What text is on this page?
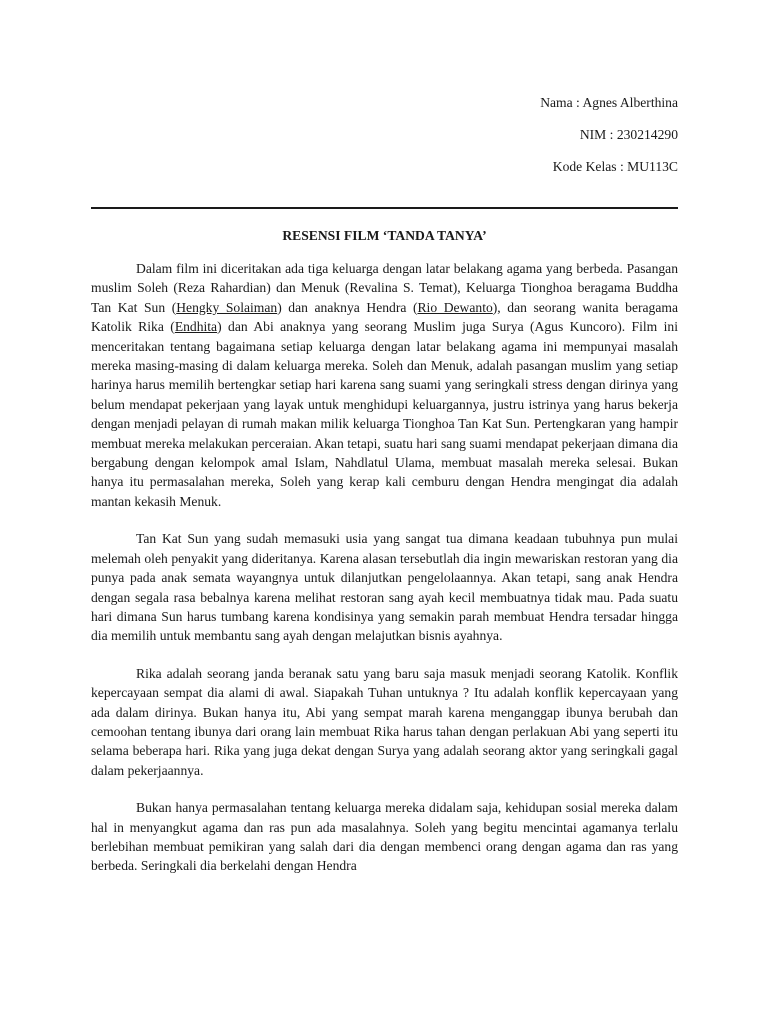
Nama : Agnes Alberthina
NIM : 230214290
Kode Kelas : MU113C
RESENSI FILM ‘TANDA TANYA’

Dalam film ini diceritakan ada tiga keluarga dengan latar belakang agama yang berbeda. Pasangan muslim Soleh (Reza Rahardian) dan Menuk (Revalina S. Temat), Keluarga Tionghoa beragama Buddha Tan Kat Sun (Hengky Solaiman) dan anaknya Hendra (Rio Dewanto), dan seorang wanita beragama Katolik Rika (Endhita) dan Abi anaknya yang seorang Muslim juga Surya (Agus Kuncoro). Film ini menceritakan tentang bagaimana setiap keluarga dengan latar belakang agama ini mempunyai masalah mereka masing-masing di dalam keluarga mereka. Soleh dan Menuk, adalah pasangan muslim yang setiap harinya harus memilih bertengkar setiap hari karena sang suami yang seringkali stress dengan dirinya yang belum mendapat pekerjaan yang layak untuk menghidupi keluargannya, justru istrinya yang harus bekerja dengan menjadi pelayan di rumah makan milik keluarga Tionghoa Tan Kat Sun. Pertengkaran yang hampir membuat mereka melakukan perceraian. Akan tetapi, suatu hari sang suami mendapat pekerjaan dimana dia bergabung dengan kelompok amal Islam, Nahdlatul Ulama, membuat masalah mereka selesai. Bukan hanya itu permasalahan mereka, Soleh yang kerap kali cemburu dengan Hendra mengingat dia adalah mantan kekasih Menuk.

Tan Kat Sun yang sudah memasuki usia yang sangat tua dimana keadaan tubuhnya pun mulai melemah oleh penyakit yang dideritanya. Karena alasan tersebutlah dia ingin mewariskan restoran yang dia punya pada anak semata wayangnya untuk dilanjutkan pengelolaannya. Akan tetapi, sang anak Hendra dengan segala rasa bebalnya karena melihat restoran sang ayah kecil membuatnya tidak mau. Pada suatu hari dimana Sun harus tumbang karena kondisinya yang semakin parah membuat Hendra tersadar hingga dia memilih untuk membantu sang ayah dengan melajutkan bisnis ayahnya.

Rika adalah seorang janda beranak satu yang baru saja masuk menjadi seorang Katolik. Konflik kepercayaan sempat dia alami di awal. Siapakah Tuhan untuknya ? Itu adalah konflik kepercayaan yang ada dalam dirinya. Bukan hanya itu, Abi yang sempat marah karena menganggap ibunya berubah dan cemoohan tentang ibunya dari orang lain membuat Rika harus tahan dengan perlakuan Abi yang seperti itu selama beberapa hari. Rika yang juga dekat dengan Surya yang adalah seorang aktor yang seringkali gagal dalam pekerjaannya.

Bukan hanya permasalahan tentang keluarga mereka didalam saja, kehidupan sosial mereka dalam hal in menyangkut agama dan ras pun ada masalahnya. Soleh yang begitu mencintai agamanya terlalu berlebihan membuat pemikiran yang salah dari dia dengan membenci orang dengan agama dan ras yang berbeda. Seringkali dia berkelahi dengan Hendra
